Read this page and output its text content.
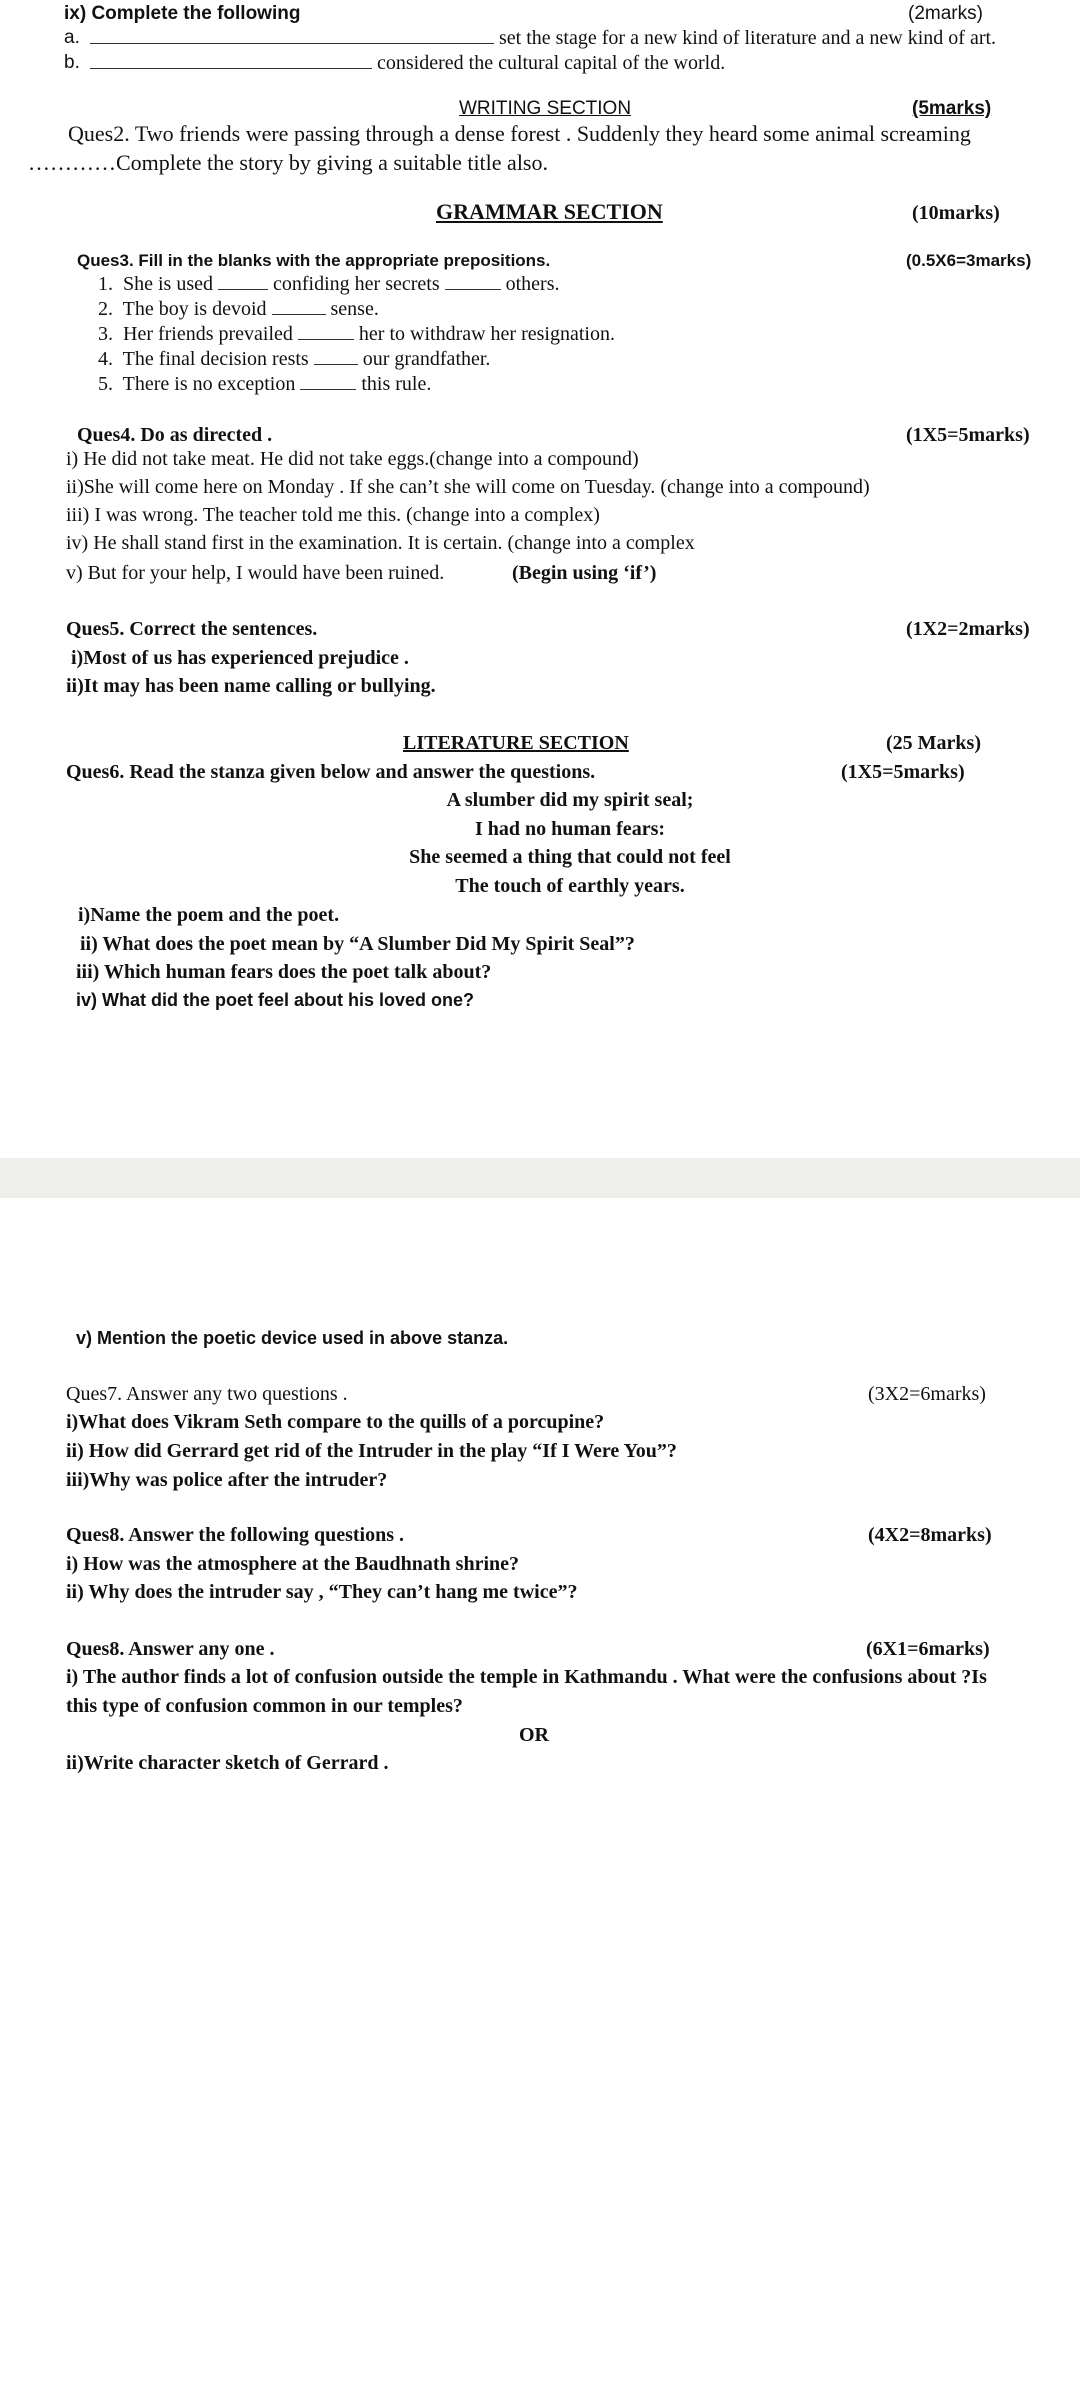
ix) Complete the following	(2marks)
a.	set the stage for a new kind of literature and a new kind of art.
b.	considered the cultural capital of the world.
WRITING SECTION	(5marks)
Ques2. Two friends were passing through a dense forest . Suddenly they heard some animal screaming
…………Complete the story by giving a suitable title also.
GRAMMAR SECTION	(10marks)
Ques3. Fill in the blanks with the appropriate prepositions.	(0.5X6=3marks)
1. She is used	confiding her secrets	others.
2. The boy is devoid	sense.
3. Her friends prevailed	her to withdraw her resignation.
4. The final decision rests	our grandfather.
5. There is no exception	this rule.
Ques4. Do as directed .	(1X5=5marks)
i) He did not take meat. He did not take eggs.(change into a compound)
ii)She will come here on Monday . If she can’t she will come on Tuesday. (change into a compound)
iii) I was wrong. The teacher told me this. (change into a complex)
iv) He shall stand first in the examination. It is certain. (change into a complex
v) But for your help, I would have been ruined.	(Begin using ‘if’)
Ques5. Correct the sentences.	(1X2=2marks)
i)Most of us has experienced prejudice .
ii)It may has been name calling or bullying.
LITERATURE SECTION	(25 Marks)
Ques6. Read the stanza given below and answer the questions.	(1X5=5marks)
A slumber did my spirit seal;
I had no human fears:
She seemed a thing that could not feel
The touch of earthly years.
i)Name the poem and the poet.
ii) What does the poet mean by “A Slumber Did My Spirit Seal”?
iii) Which human fears does the poet talk about?
iv) What did the poet feel about his loved one?
v) Mention the poetic device used in above stanza.
Ques7. Answer any two questions .	(3X2=6marks)
i)What does Vikram Seth compare to the quills of a porcupine?
ii) How did Gerrard get rid of the Intruder in the play “If I Were You”?
iii)Why was police after the intruder?
Ques8. Answer the following questions .	(4X2=8marks)
i) How was the atmosphere at the Baudhnath shrine?
ii) Why does the intruder say , “They can’t hang me twice”?
Ques8. Answer any one .	(6X1=6marks)
i) The author finds a lot of confusion outside the temple in Kathmandu . What were the confusions about ?Is
this type of confusion common in our temples?
OR
ii)Write character sketch of Gerrard .
